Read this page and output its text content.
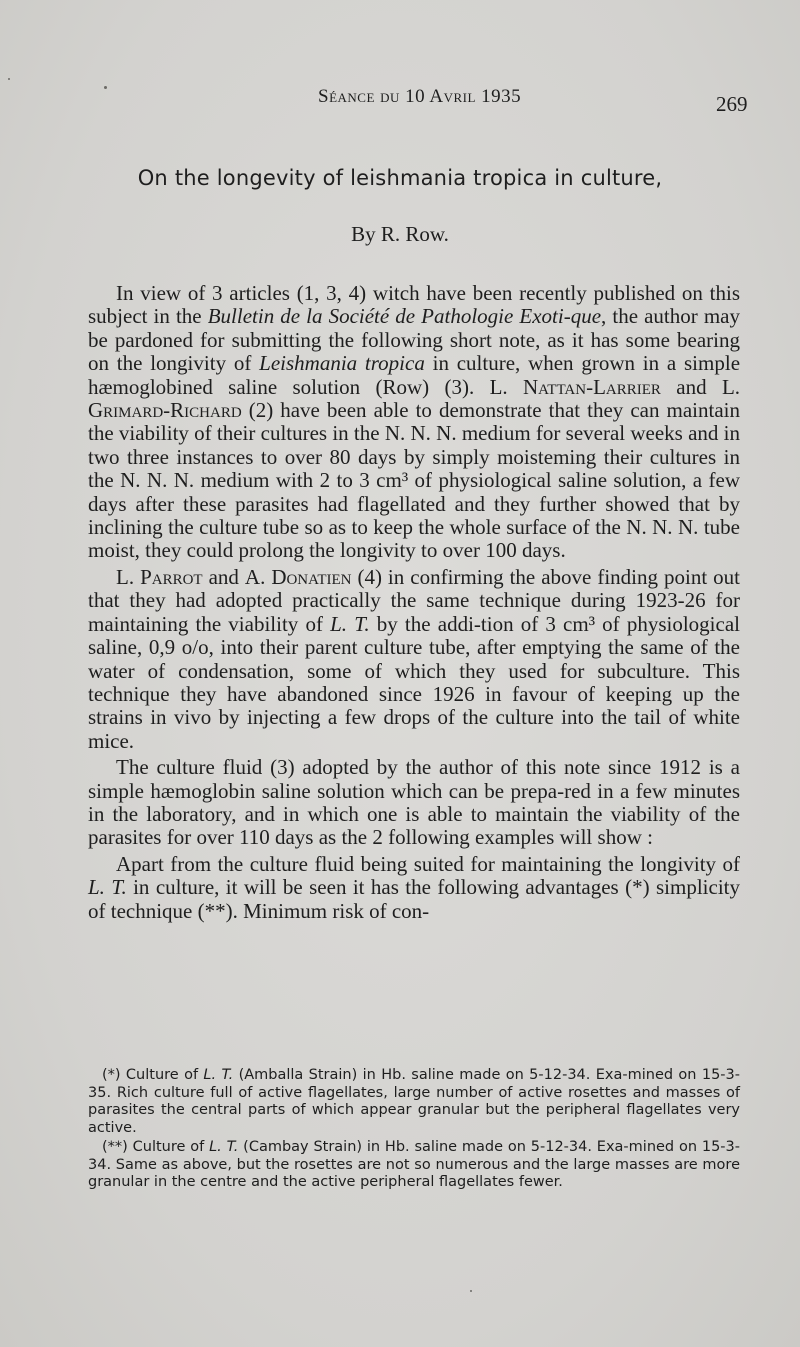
Séance du 10 Avril 1935	269
On the longevity of leishmania tropica in culture,
By R. Row.

In view of 3 articles (1, 3, 4) witch have been recently published on this subject in the Bulletin de la Société de Pathologie Exoti-que, the author may be pardoned for submitting the following short note, as it has some bearing on the longivity of Leishmania tropica in culture, when grown in a simple hæmoglobined saline solution (Row) (3). L. Nattan-Larrier and L. Grimard-Richard (2) have been able to demonstrate that they can maintain the viability of their cultures in the N. N. N. medium for several weeks and in two three instances to over 80 days by simply moisteming their cultures in the N. N. N. medium with 2 to 3 cm³ of physiological saline solution, a few days after these parasites had flagellated and they further showed that by inclining the culture tube so as to keep the whole surface of the N. N. N. tube moist, they could prolong the longivity to over 100 days.

L. Parrot and A. Donatien (4) in confirming the above finding point out that they had adopted practically the same technique during 1923-26 for maintaining the viability of L. T. by the addi-tion of 3 cm³ of physiological saline, 0,9 o/o, into their parent culture tube, after emptying the same of the water of condensation, some of which they used for subculture. This technique they have abandoned since 1926 in favour of keeping up the strains in vivo by injecting a few drops of the culture into the tail of white mice.

The culture fluid (3) adopted by the author of this note since 1912 is a simple hæmoglobin saline solution which can be prepa-red in a few minutes in the laboratory, and in which one is able to maintain the viability of the parasites for over 110 days as the 2 following examples will show :

Apart from the culture fluid being suited for maintaining the longivity of L. T. in culture, it will be seen it has the following advantages (*) simplicity of technique (**). Minimum risk of con-

(*) Culture of L. T. (Amballa Strain) in Hb. saline made on 5-12-34. Exa-mined on 15-3-35. Rich culture full of active flagellates, large number of active rosettes and masses of parasites the central parts of which appear granular but the peripheral flagellates very active.

(**) Culture of L. T. (Cambay Strain) in Hb. saline made on 5-12-34. Exa-mined on 15-3-34. Same as above, but the rosettes are not so numerous and the large masses are more granular in the centre and the active peripheral flagellates fewer.
